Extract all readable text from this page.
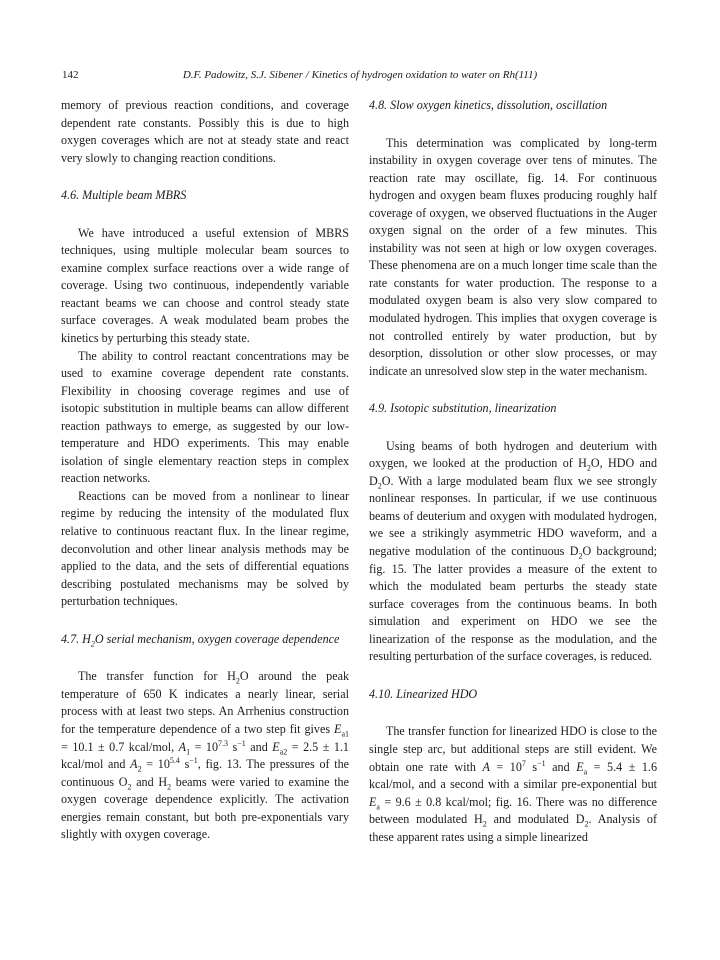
142	D.F. Padowitz, S.J. Sibener / Kinetics of hydrogen oxidation to water on Rh(111)

memory of previous reaction conditions, and coverage dependent rate constants. Possibly this is due to high oxygen coverages which are not at steady state and react very slowly to changing reaction conditions.

4.6. Multiple beam MBRS

We have introduced a useful extension of MBRS techniques, using multiple molecular beam sources to examine complex surface reactions over a wide range of coverage. Using two continuous, independently variable reactant beams we can choose and control steady state surface coverages. A weak modulated beam probes the kinetics by perturbing this steady state.

The ability to control reactant concentrations may be used to examine coverage dependent rate constants. Flexibility in choosing coverage regimes and use of isotopic substitution in multiple beams can allow different reaction pathways to emerge, as suggested by our low-temperature and HDO experiments. This may enable isolation of single elementary reaction steps in complex reaction networks.

Reactions can be moved from a nonlinear to linear regime by reducing the intensity of the modulated flux relative to continuous reactant flux. In the linear regime, deconvolution and other linear analysis methods may be applied to the data, and the sets of differential equations describing postulated mechanisms may be solved by perturbation techniques.

4.7. $H_2O$ serial mechanism, oxygen coverage dependence

The transfer function for $H_2O$ around the peak temperature of 650 K indicates a nearly linear, serial process with at least two steps. An Arrhenius construction for the temperature dependence of a two step fit gives $E_{a1} = 10.1 \pm 0.7$ kcal/mol, $A_1 = 10^{7.3}$ $s^{-1}$ and $E_{a2} = 2.5 \pm 1.1$ kcal/mol and $A_2 = 10^{5.4}$ $s^{-1}$, fig. 13. The pressures of the continuous $O_2$ and $H_2$ beams were varied to examine the oxygen coverage dependence explicitly. The activation energies remain constant, but both pre-exponentials vary slightly with oxygen coverage.

4.8. Slow oxygen kinetics, dissolution, oscillation

This determination was complicated by long-term instability in oxygen coverage over tens of minutes. The reaction rate may oscillate, fig. 14. For continuous hydrogen and oxygen beam fluxes producing roughly half coverage of oxygen, we observed fluctuations in the Auger oxygen signal on the order of a few minutes. This instability was not seen at high or low oxygen coverages. These phenomena are on a much longer time scale than the rate constants for water production. The response to a modulated oxygen beam is also very slow compared to modulated hydrogen. This implies that oxygen coverage is not controlled entirely by water production, but by desorption, dissolution or other slow processes, or may indicate an unresolved slow step in the water mechanism.

4.9. Isotopic substitution, linearization

Using beams of both hydrogen and deuterium with oxygen, we looked at the production of $H_2O$, HDO and $D_2O$. With a large modulated beam flux we see strongly nonlinear responses. In particular, if we use continuous beams of deuterium and oxygen with modulated hydrogen, we see a strikingly asymmetric HDO waveform, and a negative modulation of the continuous $D_2O$ background; fig. 15. The latter provides a measure of the extent to which the modulated beam perturbs the steady state surface coverages from the continuous beams. In both simulation and experiment on HDO we see the linearization of the response as the modulation, and the resulting perturbation of the surface coverages, is reduced.

4.10. Linearized HDO

The transfer function for linearized HDO is close to the single step arc, but additional steps are still evident. We obtain one rate with $A = 10^7$ $s^{-1}$ and $E_a = 5.4 \pm 1.6$ kcal/mol, and a second with a similar pre-exponential but $E_a = 9.6 \pm 0.8$ kcal/mol; fig. 16. There was no difference between modulated $H_2$ and modulated $D_2$. Analysis of these apparent rates using a simple linearized
